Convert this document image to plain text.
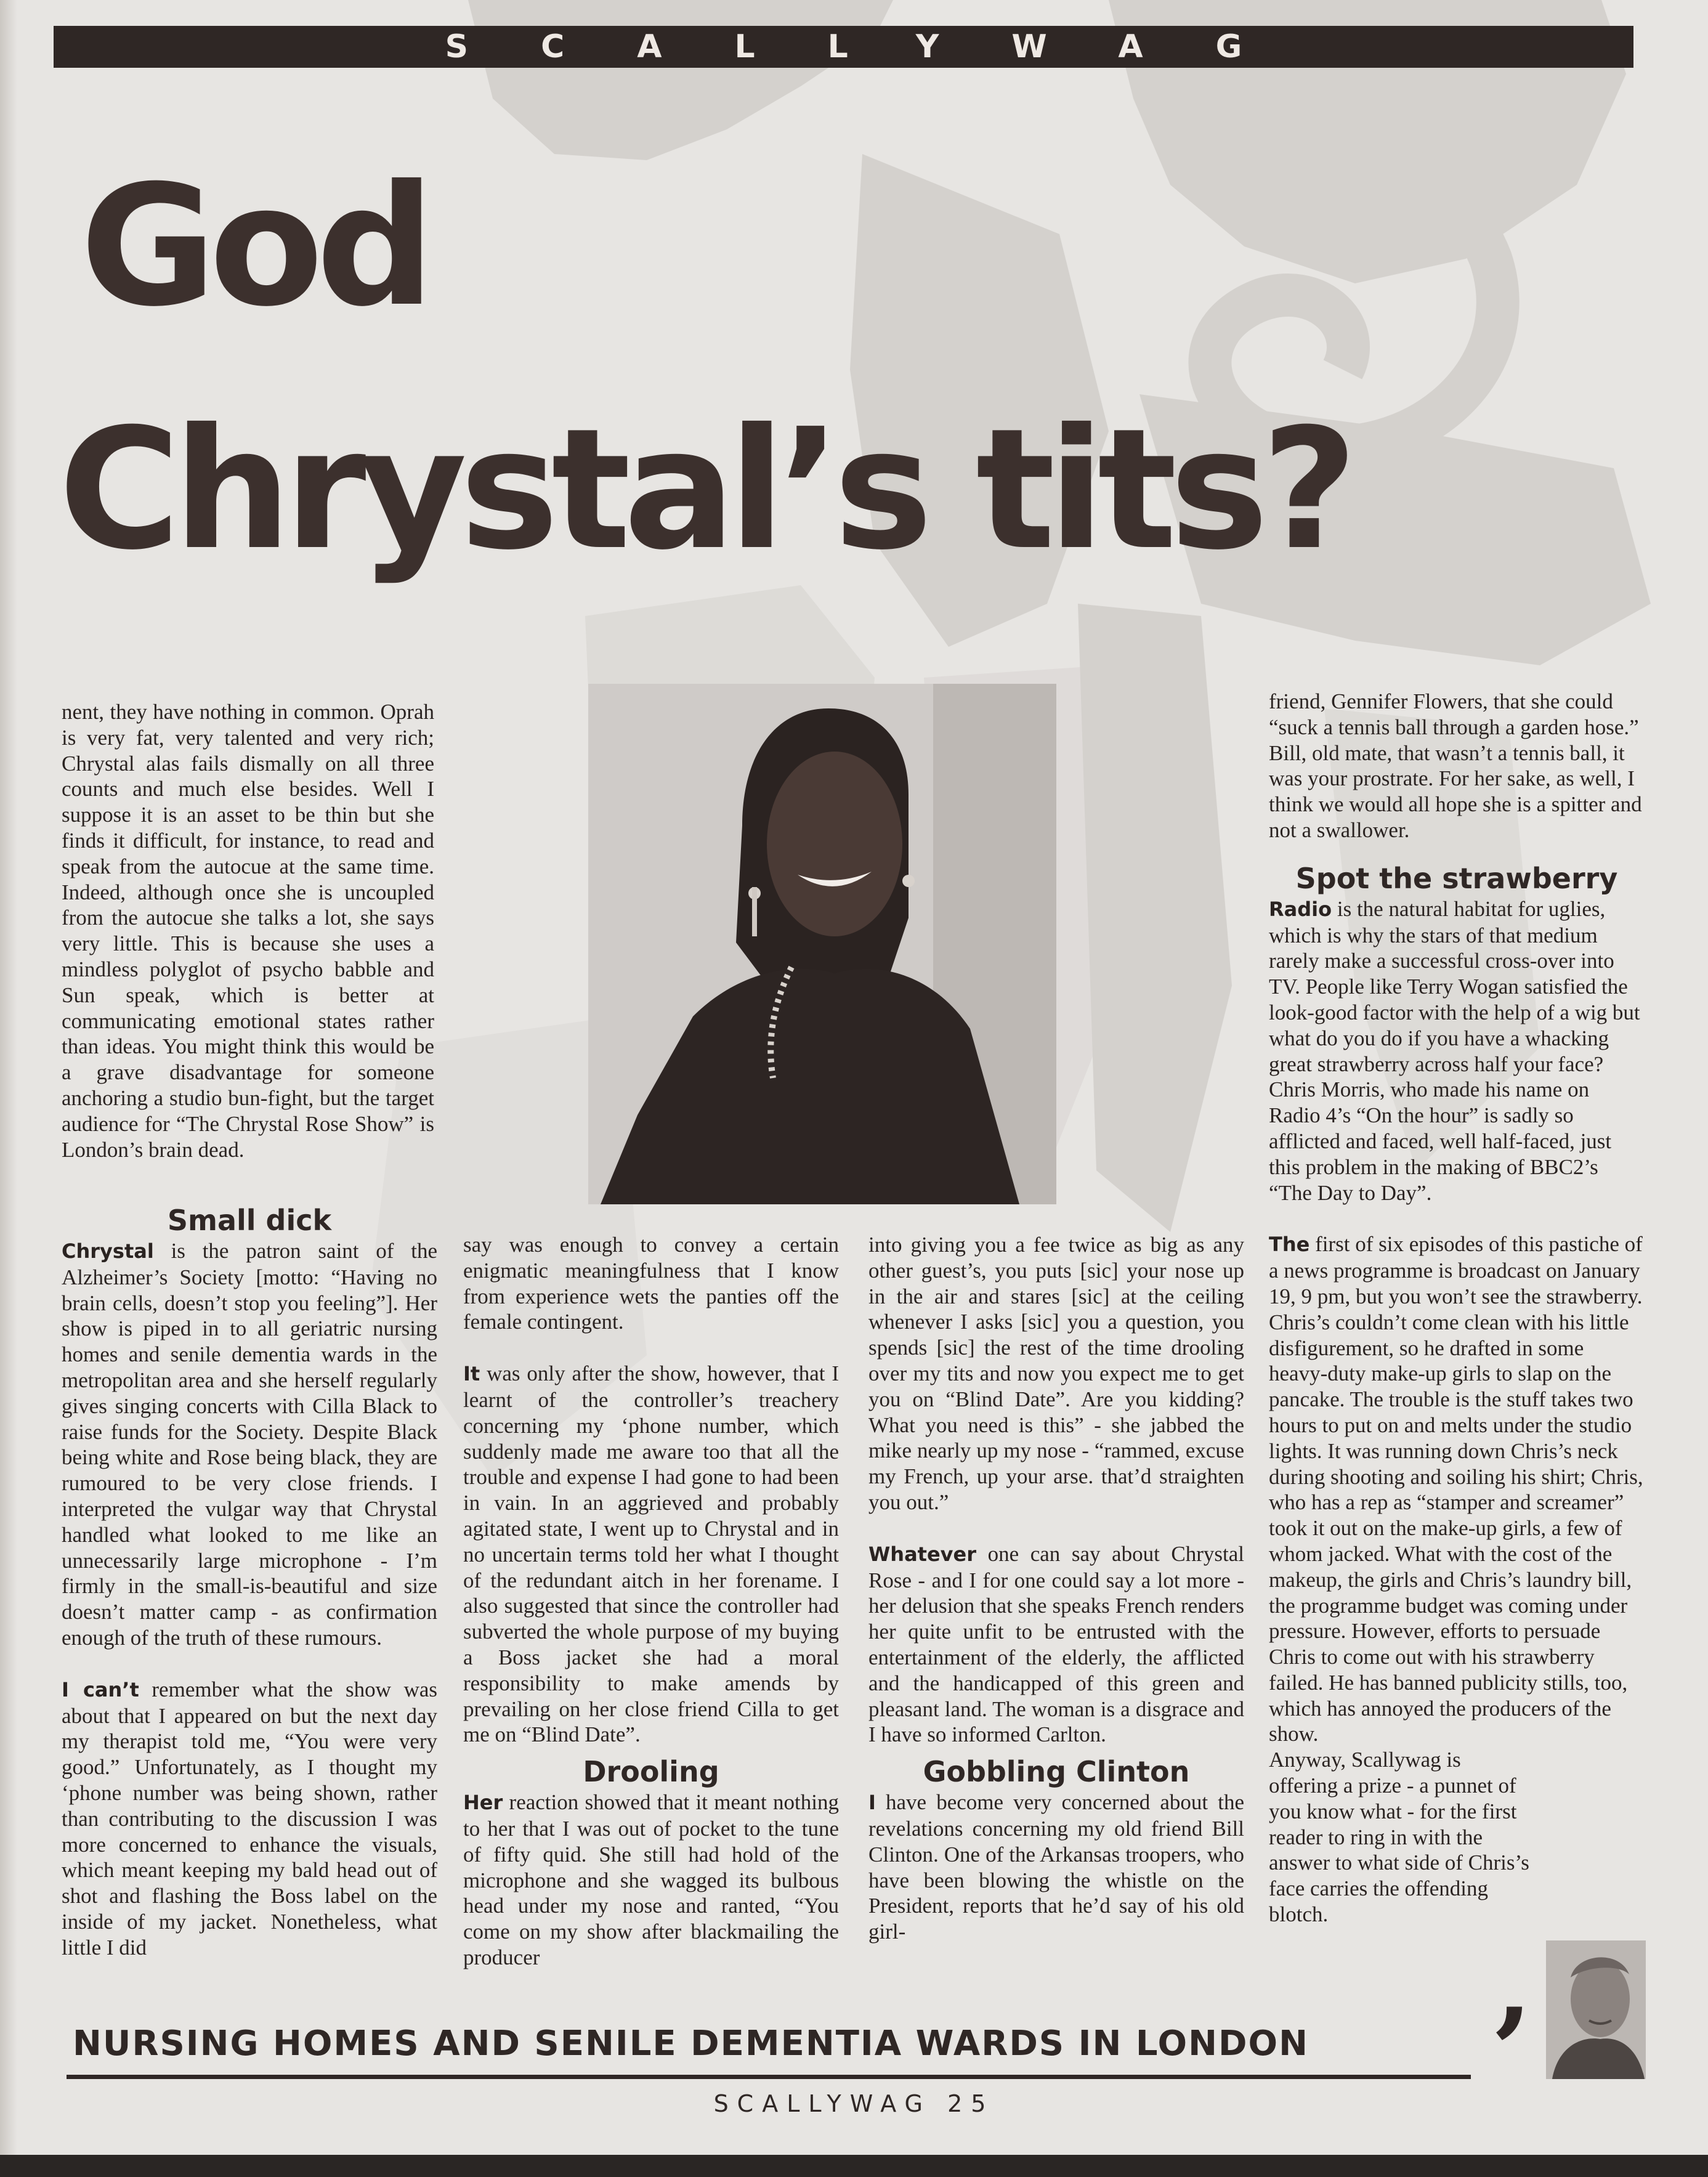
SCALLYWAG
God
Chrystal’s tits?

nent, they have nothing in common. Oprah is very fat, very talented and very rich; Chrystal alas fails dismally on all three counts and much else besides. Well I suppose it is an asset to be thin but she finds it difficult, for instance, to read and speak from the autocue at the same time. Indeed, although once she is uncoupled from the autocue she talks a lot, she says very little. This is because she uses a mindless polyglot of psycho babble and Sun speak, which is better at communicating emotional states rather than ideas. You might think this would be a grave disadvantage for someone anchoring a studio bun-fight, but the target audience for “The Chrystal Rose Show” is London’s brain dead.

Small dick

Chrystal is the patron saint of the Alzheimer’s Society [motto: “Having no brain cells, doesn’t stop you feeling”]. Her show is piped in to all geriatric nursing homes and senile dementia wards in the metropolitan area and she herself regularly gives singing concerts with Cilla Black to raise funds for the Society. Despite Black being white and Rose being black, they are rumoured to be very close friends. I interpreted the vulgar way that Chrystal handled what looked to me like an unnecessarily large microphone - I’m firmly in the small-is-beautiful and size doesn’t matter camp - as confirmation enough of the truth of these rumours.

I can’t remember what the show was about that I appeared on but the next day my therapist told me, “You were very good.” Unfortunately, as I thought my ‘phone number was being shown, rather than contributing to the discussion I was more concerned to enhance the visuals, which meant keeping my bald head out of shot and flashing the Boss label on the inside of my jacket. Nonetheless, what little I did

say was enough to convey a certain enigmatic meaningfulness that I know from experience wets the panties off the female contingent.

It was only after the show, however, that I learnt of the controller’s treachery concerning my ‘phone number, which suddenly made me aware too that all the trouble and expense I had gone to had been in vain. In an aggrieved and probably agitated state, I went up to Chrystal and in no uncertain terms told her what I thought of the redundant aitch in her forename. I also suggested that since the controller had subverted the whole purpose of my buying a Boss jacket she had a moral responsibility to make amends by prevailing on her close friend Cilla to get me on “Blind Date”.

Drooling

Her reaction showed that it meant nothing to her that I was out of pocket to the tune of fifty quid. She still had hold of the microphone and she wagged its bulbous head under my nose and ranted, “You come on my show after blackmailing the producer

into giving you a fee twice as big as any other guest’s, you puts [sic] your nose up in the air and stares [sic] at the ceiling whenever I asks [sic] you a question, you spends [sic] the rest of the time drooling over my tits and now you expect me to get you on “Blind Date”. Are you kidding? What you need is this” - she jabbed the mike nearly up my nose - “rammed, excuse my French, up your arse. that’d straighten you out.”

Whatever one can say about Chrystal Rose - and I for one could say a lot more - her delusion that she speaks French renders her quite unfit to be entrusted with the entertainment of the elderly, the afflicted and the handicapped of this green and pleasant land. The woman is a disgrace and I have so informed Carlton.

Gobbling Clinton

I have become very concerned about the revelations concerning my old friend Bill Clinton. One of the Arkansas troopers, who have been blowing the whistle on the President, reports that he’d say of his old girl-

friend, Gennifer Flowers, that she could “suck a tennis ball through a garden hose.” Bill, old mate, that wasn’t a tennis ball, it was your prostrate. For her sake, as well, I think we would all hope she is a spitter and not a swallower.

Spot the strawberry

Radio is the natural habitat for uglies, which is why the stars of that medium rarely make a successful cross-over into TV. People like Terry Wogan satisfied the look-good factor with the help of a wig but what do you do if you have a whacking great strawberry across half your face? Chris Morris, who made his name on Radio 4’s “On the hour” is sadly so afflicted and faced, well half-faced, just this problem in the making of BBC2’s “The Day to Day”.

The first of six episodes of this pastiche of a news programme is broadcast on January 19, 9 pm, but you won’t see the strawberry. Chris’s couldn’t come clean with his little disfigurement, so he drafted in some heavy-duty make-up girls to slap on the pancake. The trouble is the stuff takes two hours to put on and melts under the studio lights. It was running down Chris’s neck during shooting and soiling his shirt; Chris, who has a rep as “stamper and screamer” took it out on the make-up girls, a few of whom jacked. What with the cost of the makeup, the girls and Chris’s laundry bill, the programme budget was coming under pressure. However, efforts to persuade Chris to come out with his strawberry failed. He has banned publicity stills, too, which has annoyed the producers of the show.

Anyway, Scallywag is offering a prize - a punnet of you know what - for the first reader to ring in with the answer to what side of Chris’s face carries the offending blotch.

NURSING HOMES AND SENILE DEMENTIA WARDS IN LONDON ’
SCALLYWAG 25
